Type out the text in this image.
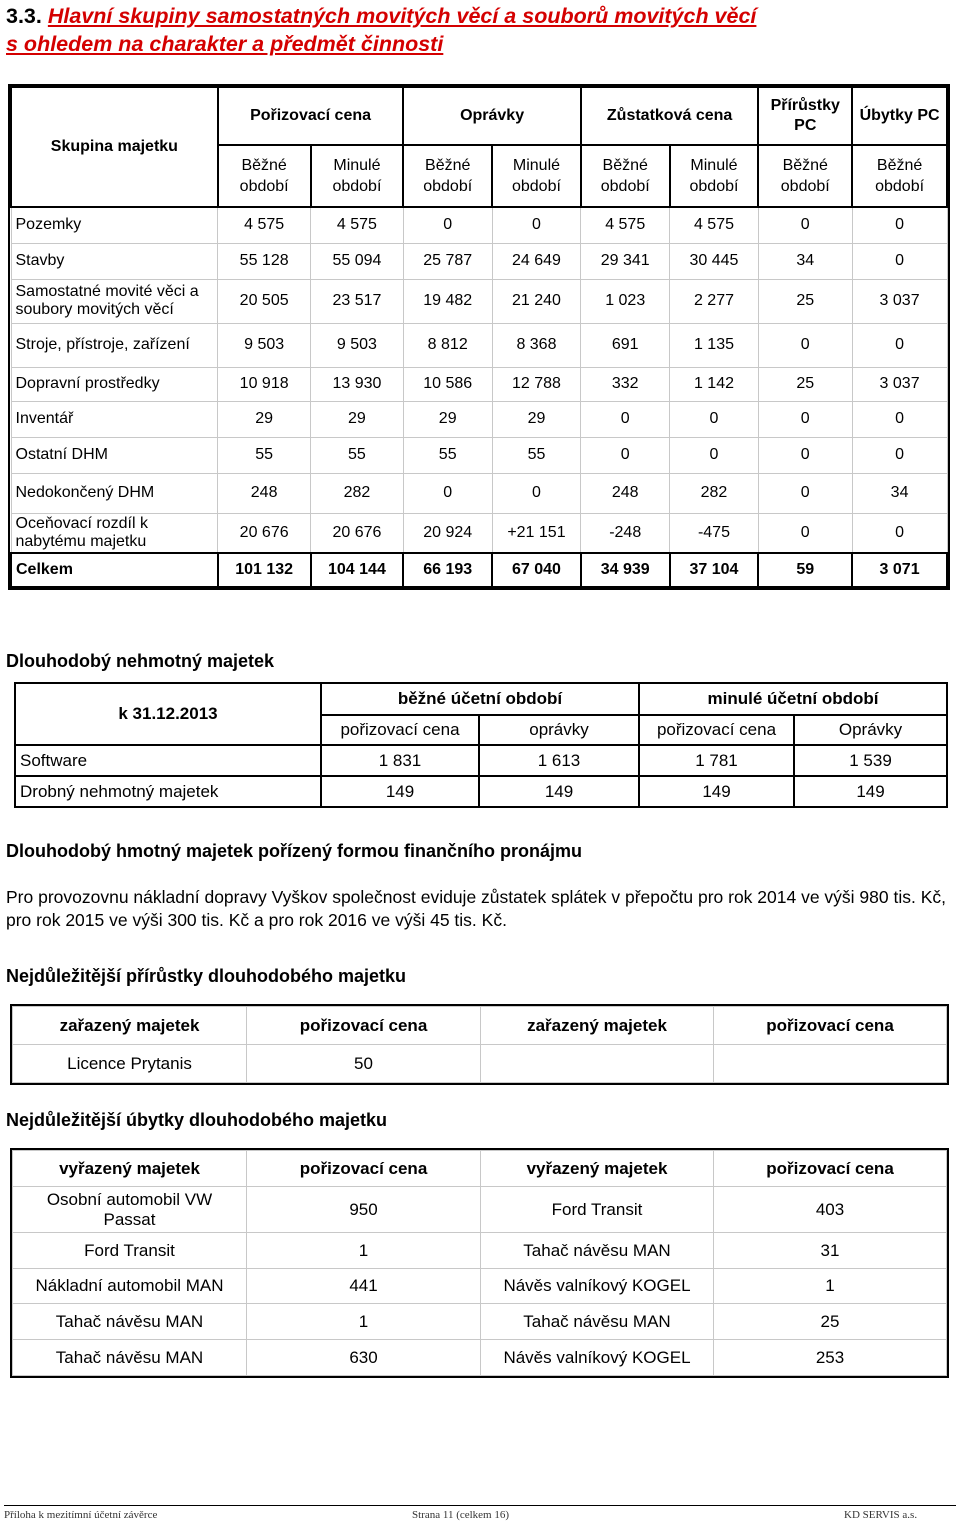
3.3. Hlavní skupiny samostatných movitých věcí a souborů movitých věcí
s ohledem na charakter a předmět činnosti
Skupina majetku	Pořizovací cena		Oprávky		Zůstatková cena		Přírůstky PC	Úbytky PC
	Běžné období	Minulé období	Běžné období	Minulé období	Běžné období	Minulé období	Běžné období	Běžné období
Pozemky	4 575	4 575	0	0	4 575	4 575	0	0
Stavby	55 128	55 094	25 787	24 649	29 341	30 445	34	0
Samostatné movité věci a soubory movitých věcí	20 505	23 517	19 482	21 240	1 023	2 277	25	3 037
Stroje, přístroje, zařízení	9 503	9 503	8 812	8 368	691	1 135	0	0
Dopravní prostředky	10 918	13 930	10 586	12 788	332	1 142	25	3 037
Inventář	29	29	29	29	0	0	0	0
Ostatní DHM	55	55	55	55	0	0	0	0
Nedokončený DHM	248	282	0	0	248	282	0	34
Oceňovací rozdíl k nabytému majetku	20 676	20 676	20 924	+21 151	-248	-475	0	0
Celkem	101 132	104 144	66 193	67 040	34 939	37 104	59	3 071
Dlouhodobý nehmotný majetek
k 31.12.2013	běžné účetní období		minulé účetní období	
	pořizovací cena	oprávky	pořizovací cena	Oprávky
Software	1 831	1 613	1 781	1 539
Drobný nehmotný majetek	149	149	149	149
Dlouhodobý hmotný majetek pořízený formou finančního pronájmu
Pro provozovnu nákladní dopravy Vyškov společnost eviduje zůstatek splátek v přepočtu pro rok 2014 ve výši 980 tis. Kč, pro rok 2015 ve výši 300 tis. Kč a pro rok 2016 ve výši 45 tis. Kč.
Nejdůležitější přírůstky dlouhodobého majetku
zařazený majetek	pořizovací cena	zařazený majetek	pořizovací cena
Licence Prytanis	50		
Nejdůležitější úbytky dlouhodobého majetku
vyřazený majetek	pořizovací cena	vyřazený majetek	pořizovací cena
Osobní automobil VW Passat	950	Ford Transit	403
Ford Transit	1	Tahač návěsu MAN	31
Nákladní automobil MAN	441	Návěs valníkový KOGEL	1
Tahač návěsu MAN	1	Tahač návěsu MAN	25
Tahač návěsu MAN	630	Návěs valníkový KOGEL	253
Příloha k mezitímní účetní závěrce	Strana 11 (celkem 16)	KD SERVIS a.s.
